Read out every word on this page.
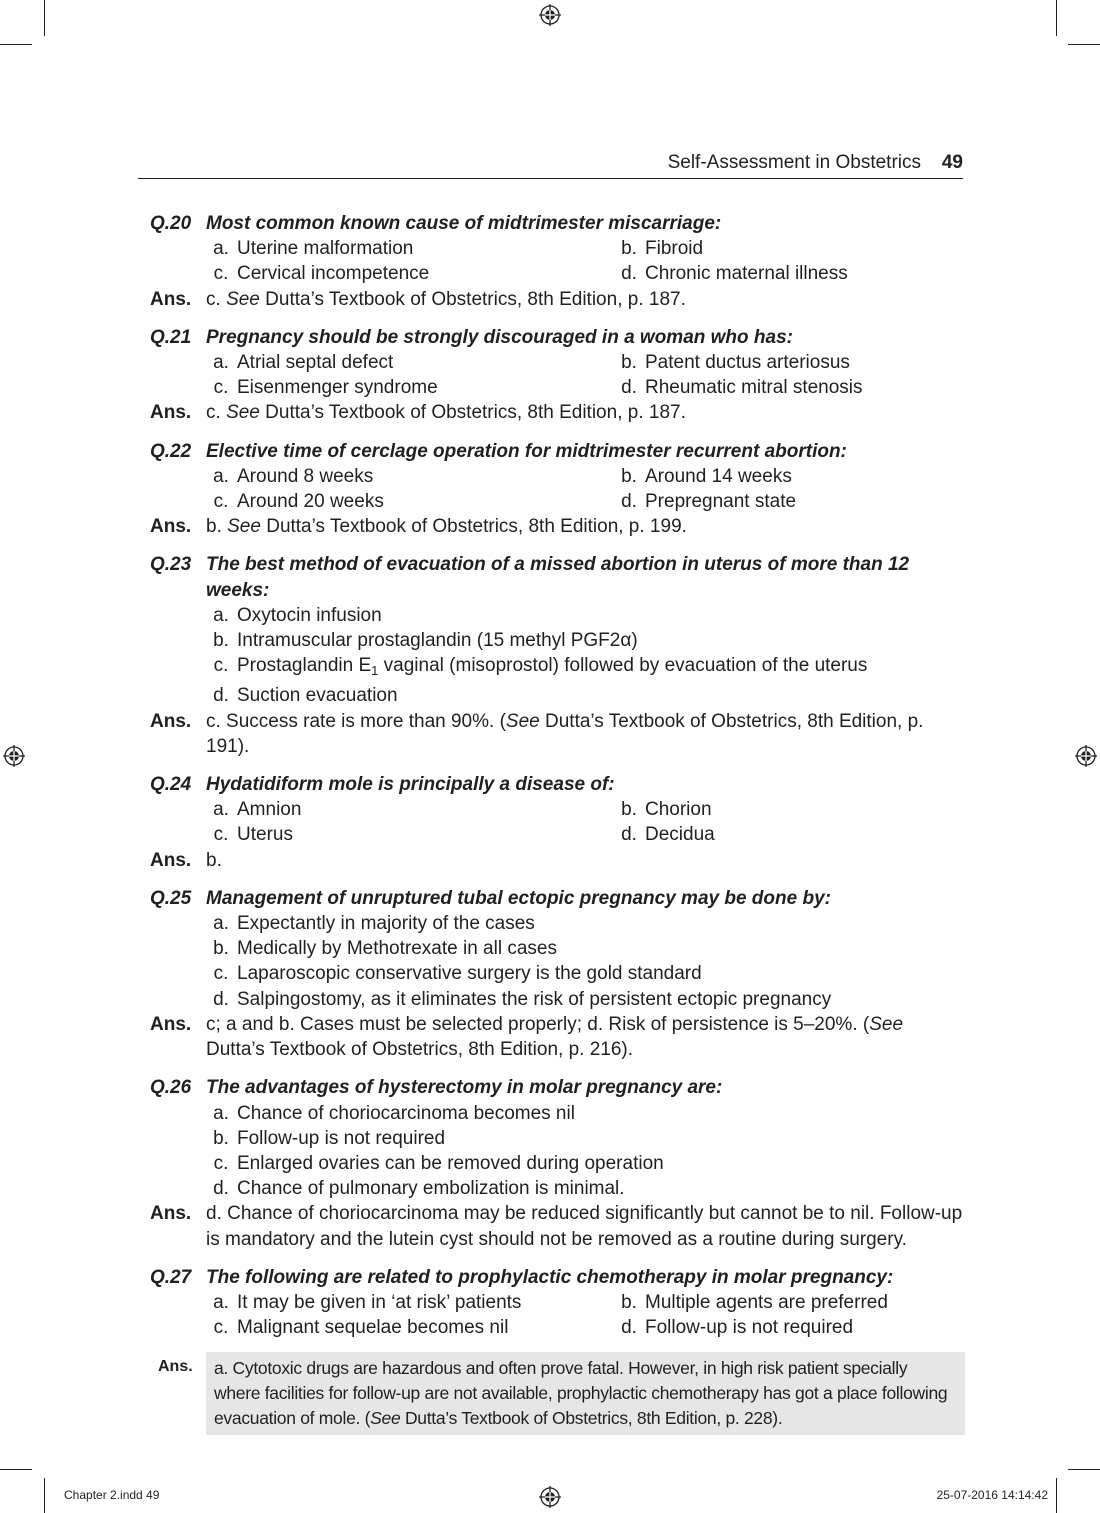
Self-Assessment in Obstetrics 49
Q.20 Most common known cause of midtrimester miscarriage:
a. Uterine malformation	b. Fibroid
c. Cervical incompetence	d. Chronic maternal illness
Ans. c. See Dutta’s Textbook of Obstetrics, 8th Edition, p. 187.
Q.21 Pregnancy should be strongly discouraged in a woman who has:
a. Atrial septal defect	b. Patent ductus arteriosus
c. Eisenmenger syndrome	d. Rheumatic mitral stenosis
Ans. c. See Dutta’s Textbook of Obstetrics, 8th Edition, p. 187.
Q.22 Elective time of cerclage operation for midtrimester recurrent abortion:
a. Around 8 weeks	b. Around 14 weeks
c. Around 20 weeks	d. Prepregnant state
Ans. b. See Dutta’s Textbook of Obstetrics, 8th Edition, p. 199.
Q.23 The best method of evacuation of a missed abortion in uterus of more than 12 weeks:
a. Oxytocin infusion
b. Intramuscular prostaglandin (15 methyl PGF2α)
c. Prostaglandin $E_1$ vaginal (misoprostol) followed by evacuation of the uterus
d. Suction evacuation
Ans. c. Success rate is more than 90%. (See Dutta’s Textbook of Obstetrics, 8th Edition, p. 191).
Q.24 Hydatidiform mole is principally a disease of:
a. Amnion	b. Chorion
c. Uterus	d. Decidua
Ans. b.
Q.25 Management of unruptured tubal ectopic pregnancy may be done by:
a. Expectantly in majority of the cases
b. Medically by Methotrexate in all cases
c. Laparoscopic conservative surgery is the gold standard
d. Salpingostomy, as it eliminates the risk of persistent ectopic pregnancy
Ans. c; a and b. Cases must be selected properly; d. Risk of persistence is 5–20%. (See Dutta’s Textbook of Obstetrics, 8th Edition, p. 216).
Q.26 The advantages of hysterectomy in molar pregnancy are:
a. Chance of choriocarcinoma becomes nil
b. Follow-up is not required
c. Enlarged ovaries can be removed during operation
d. Chance of pulmonary embolization is minimal.
Ans. d. Chance of choriocarcinoma may be reduced significantly but cannot be to nil. Follow-up is mandatory and the lutein cyst should not be removed as a routine during surgery.
Q.27 The following are related to prophylactic chemotherapy in molar pregnancy:
a. It may be given in ‘at risk’ patients	b. Multiple agents are preferred
c. Malignant sequelae becomes nil	d. Follow-up is not required
Ans.	a. Cytotoxic drugs are hazardous and often prove fatal. However, in high risk patient specially where facilities for follow-up are not available, prophylactic chemotherapy has got a place following evacuation of mole. (See Dutta’s Textbook of Obstetrics, 8th Edition, p. 228).
Chapter 2.indd 49	25-07-2016 14:14:42
